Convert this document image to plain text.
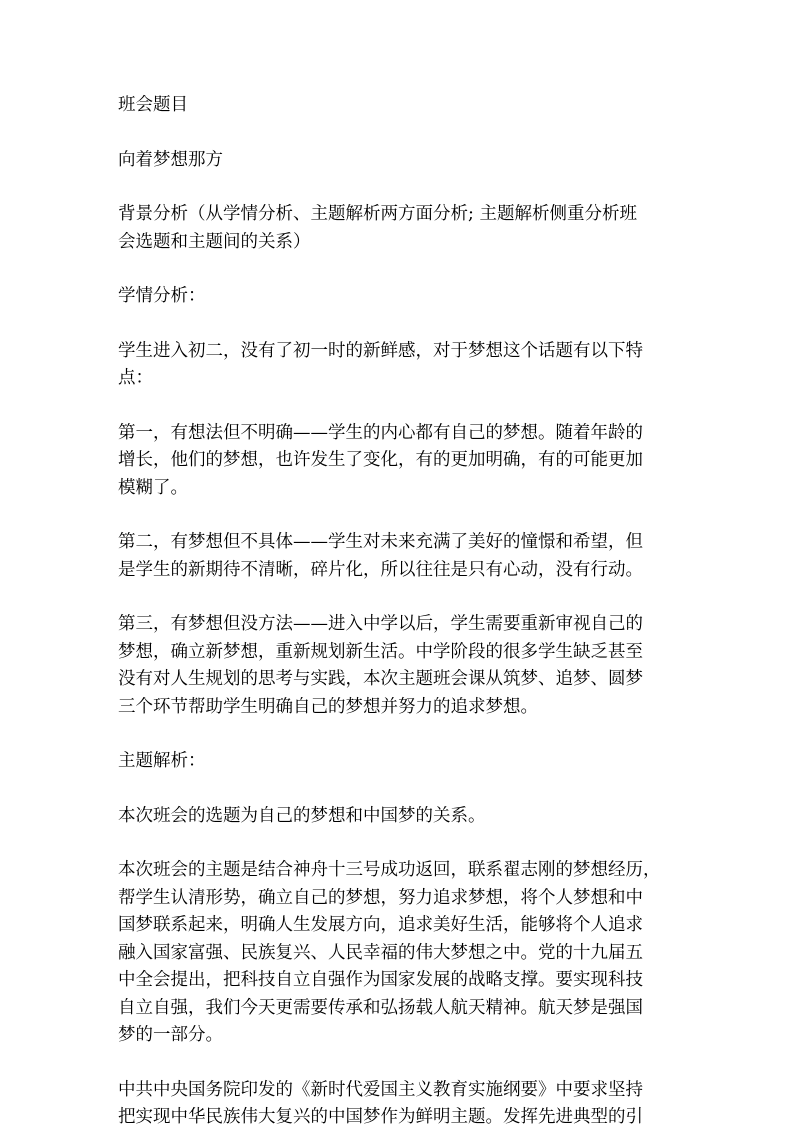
班会题目

向着梦想那方

背景分析（从学情分析、主题解析两方面分析; 主题解析侧重分析班
会选题和主题间的关系）

学情分析：

学生进入初二，没有了初一时的新鲜感，对于梦想这个话题有以下特
点：

第一，有想法但不明确——学生的内心都有自己的梦想。随着年龄的
增长，他们的梦想，也许发生了变化，有的更加明确，有的可能更加
模糊了。

第二，有梦想但不具体——学生对未来充满了美好的憧憬和希望，但
是学生的新期待不清晰，碎片化，所以往往是只有心动，没有行动。

第三，有梦想但没方法——进入中学以后，学生需要重新审视自己的
梦想，确立新梦想，重新规划新生活。中学阶段的很多学生缺乏甚至
没有对人生规划的思考与实践，本次主题班会课从筑梦、追梦、圆梦
三个环节帮助学生明确自己的梦想并努力的追求梦想。

主题解析：

本次班会的选题为自己的梦想和中国梦的关系。

本次班会的主题是结合神舟十三号成功返回，联系翟志刚的梦想经历，
帮学生认清形势，确立自己的梦想，努力追求梦想，将个人梦想和中
国梦联系起来，明确人生发展方向，追求美好生活，能够将个人追求
融入国家富强、民族复兴、人民幸福的伟大梦想之中。党的十九届五
中全会提出，把科技自立自强作为国家发展的战略支撑。要实现科技
自立自强，我们今天更需要传承和弘扬载人航天精神。航天梦是强国
梦的一部分。

中共中央国务院印发的《新时代爱国主义教育实施纲要》中要求坚持
把实现中华民族伟大复兴的中国梦作为鲜明主题。发挥先进典型的引
